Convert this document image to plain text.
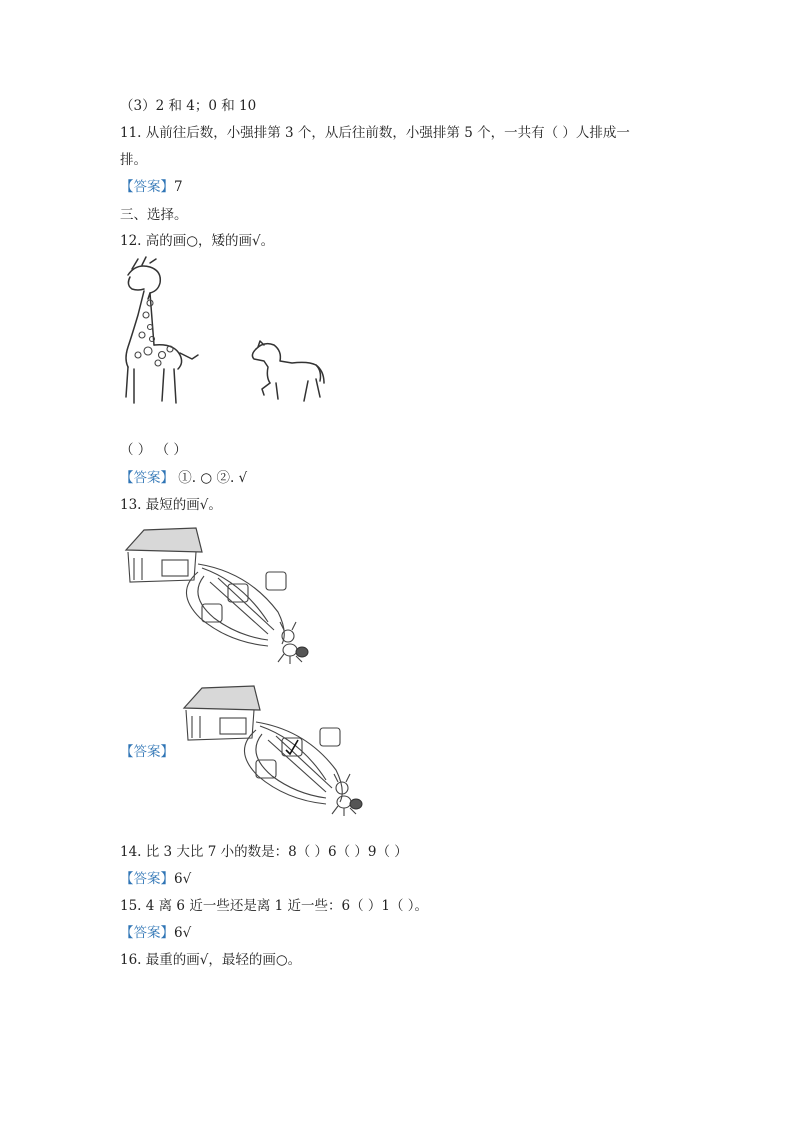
（3）2 和 4；0 和 10
11. 从前往后数，小强排第 3 个，从后往前数，小强排第 5 个，一共有（ ）人排成一
排。
【答案】7
三、选择。
12. 高的画○，矮的画√。
（ ） （ ）
【答案】 ①. ○ ②. √
13. 最短的画√。
【答案】
14. 比 3 大比 7 小的数是：8（ ）6（ ）9（ ）
【答案】6√
15. 4 离 6 近一些还是离 1 近一些：6（ ）1（ ）。
【答案】6√
16. 最重的画√，最轻的画○。
